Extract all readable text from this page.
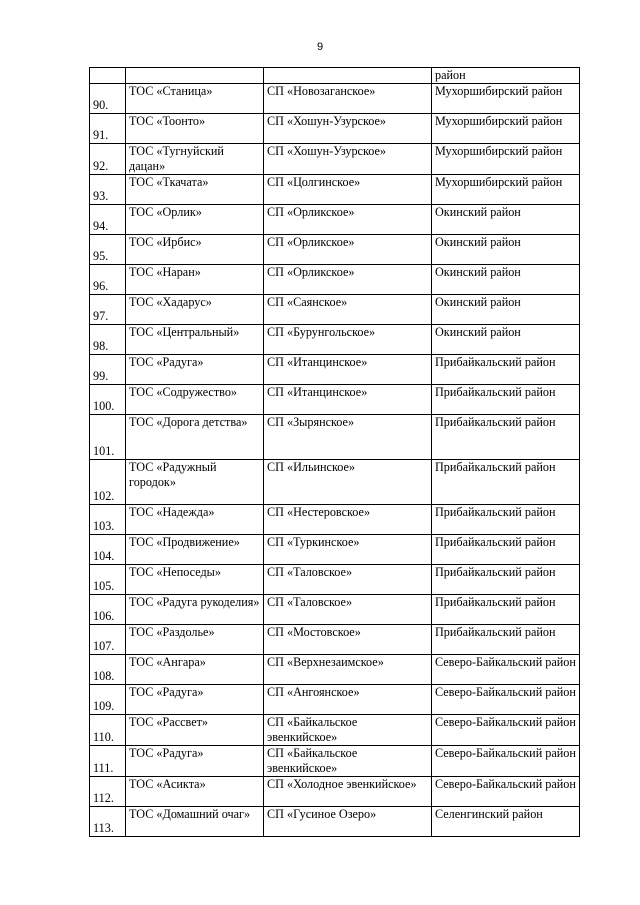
9
			район
90.	ТОС «Станица»	СП «Новозаганское»	Мухоршибирский район
91.	ТОС «Тоонто»	СП «Хошун-Узурское»	Мухоршибирский район
92.	ТОС «Тугнуйский дацан»	СП «Хошун-Узурское»	Мухоршибирский район
93.	ТОС «Ткачата»	СП «Цолгинское»	Мухоршибирский район
94.	ТОС «Орлик»	СП «Орликское»	Окинский район
95.	ТОС «Ирбис»	СП «Орликское»	Окинский район
96.	ТОС «Наран»	СП «Орликское»	Окинский район
97.	ТОС «Хадарус»	СП «Саянское»	Окинский район
98.	ТОС «Центральный»	СП «Бурунгольское»	Окинский район
99.	ТОС «Радуга»	СП «Итанцинское»	Прибайкальский район
100.	ТОС «Содружество»	СП «Итанцинское»	Прибайкальский район
101.	ТОС «Дорога детства»	СП «Зырянское»	Прибайкальский район
102.	ТОС «Радужный городок»	СП «Ильинское»	Прибайкальский район
103.	ТОС «Надежда»	СП «Нестеровское»	Прибайкальский район
104.	ТОС «Продвижение»	СП «Туркинское»	Прибайкальский район
105.	ТОС «Непоседы»	СП «Таловское»	Прибайкальский район
106.	ТОС «Радуга рукоделия»	СП «Таловское»	Прибайкальский район
107.	ТОС «Раздолье»	СП «Мостовское»	Прибайкальский район
108.	ТОС «Ангара»	СП «Верхнезаимское»	Северо-Байкальский район
109.	ТОС «Радуга»	СП «Ангоянское»	Северо-Байкальский район
110.	ТОС «Рассвет»	СП «Байкальское эвенкийское»	Северо-Байкальский район
111.	ТОС «Радуга»	СП «Байкальское эвенкийское»	Северо-Байкальский район
112.	ТОС «Асикта»	СП «Холодное эвенкийское»	Северо-Байкальский район
113.	ТОС «Домашний очаг»	СП «Гусиное Озеро»	Селенгинский район
